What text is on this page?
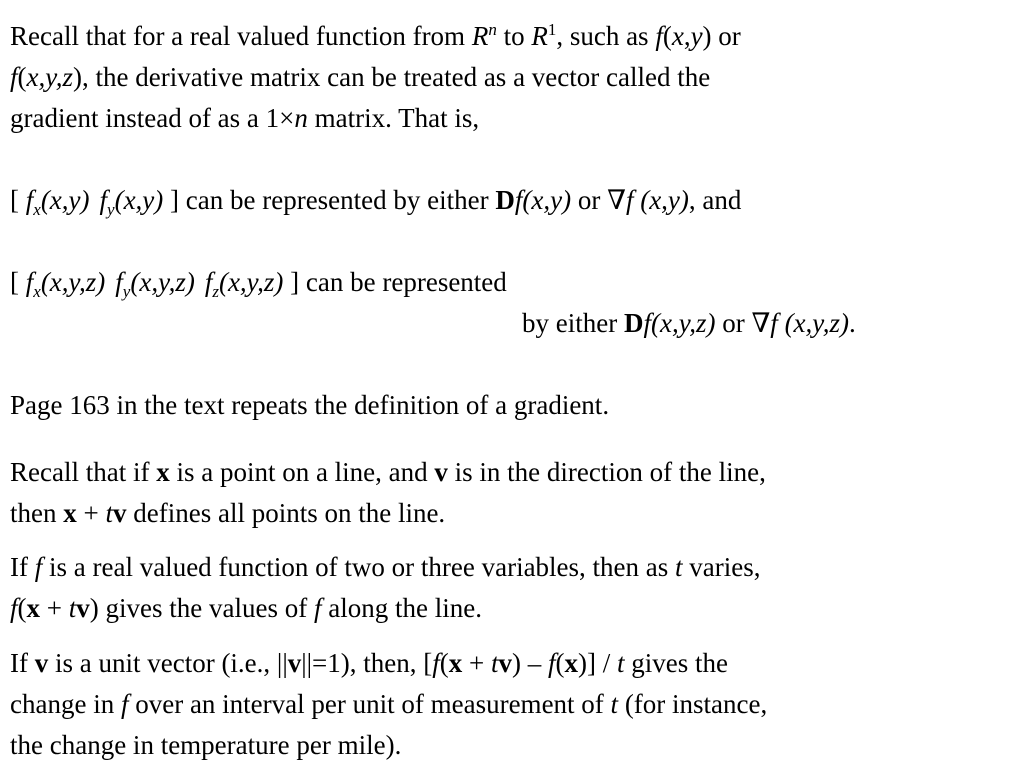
Recall that for a real valued function from $R^n$ to $R^1$, such as f(x,y) or
f(x,y,z), the derivative matrix can be treated as a vector called the
gradient instead of as a 1×n matrix. That is,
[ $f_x(x,y)$ $f_y(x,y)$ ] can be represented by either Df(x,y) or ∇f (x,y), and
[ $f_x(x,y,z)$ $f_y(x,y,z)$ $f_z(x,y,z)$ ] can be represented
by either Df(x,y,z) or ∇f (x,y,z).
Page 163 in the text repeats the definition of a gradient.
Recall that if x is a point on a line, and v is in the direction of the line,
then x + tv defines all points on the line.
If f is a real valued function of two or three variables, then as t varies,
f(x + tv) gives the values of f along the line.
If v is a unit vector (i.e., ||v||=1), then, [f(x + tv) – f(x)] / t gives the
change in f over an interval per unit of measurement of t (for instance,
the change in temperature per mile).
